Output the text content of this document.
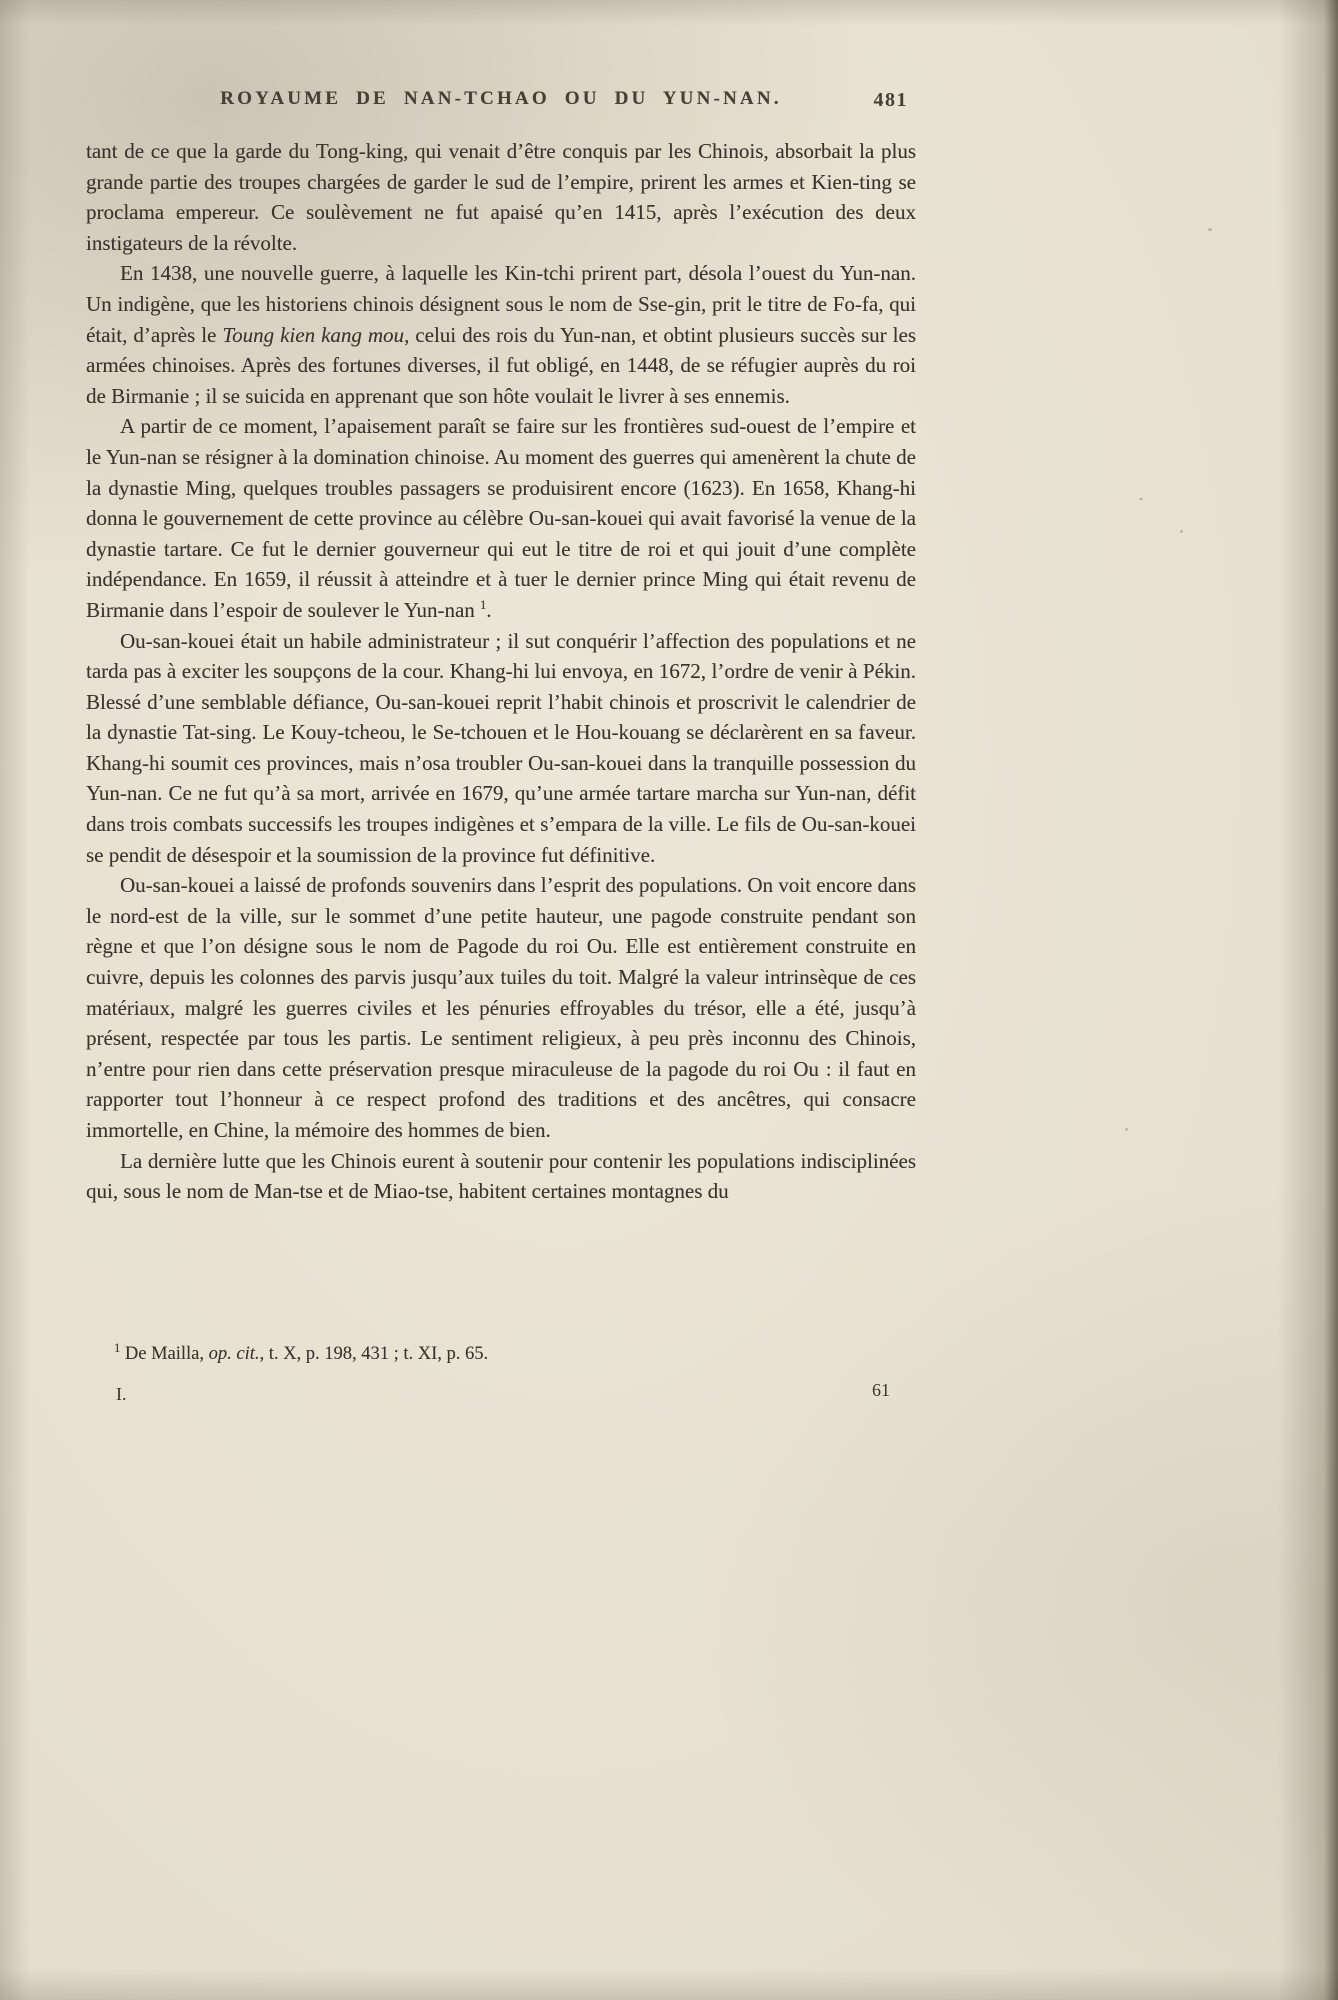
ROYAUME DE NAN-TCHAO OU DU YUN-NAN.	481

tant de ce que la garde du Tong-king, qui venait d’être conquis par les Chinois, absorbait la plus grande partie des troupes chargées de garder le sud de l’empire, prirent les armes et Kien-ting se proclama empereur. Ce soulèvement ne fut apaisé qu’en 1415, après l’exécution des deux instigateurs de la révolte.

En 1438, une nouvelle guerre, à laquelle les Kin-tchi prirent part, désola l’ouest du Yun-nan. Un indigène, que les historiens chinois désignent sous le nom de Sse-gin, prit le titre de Fo-fa, qui était, d’après le Toung kien kang mou, celui des rois du Yun-nan, et obtint plusieurs succès sur les armées chinoises. Après des fortunes diverses, il fut obligé, en 1448, de se réfugier auprès du roi de Birmanie ; il se suicida en apprenant que son hôte voulait le livrer à ses ennemis.

A partir de ce moment, l’apaisement paraît se faire sur les frontières sud-ouest de l’empire et le Yun-nan se résigner à la domination chinoise. Au moment des guerres qui amenèrent la chute de la dynastie Ming, quelques troubles passagers se produisirent encore (1623). En 1658, Khang-hi donna le gouvernement de cette province au célèbre Ou-san-kouei qui avait favorisé la venue de la dynastie tartare. Ce fut le dernier gouverneur qui eut le titre de roi et qui jouit d’une complète indépendance. En 1659, il réussit à atteindre et à tuer le dernier prince Ming qui était revenu de Birmanie dans l’espoir de soulever le Yun-nan $^1$.

Ou-san-kouei était un habile administrateur ; il sut conquérir l’affection des populations et ne tarda pas à exciter les soupçons de la cour. Khang-hi lui envoya, en 1672, l’ordre de venir à Pékin. Blessé d’une semblable défiance, Ou-san-kouei reprit l’habit chinois et proscrivit le calendrier de la dynastie Tat-sing. Le Kouy-tcheou, le Se-tchouen et le Hou-kouang se déclarèrent en sa faveur. Khang-hi soumit ces provinces, mais n’osa troubler Ou-san-kouei dans la tranquille possession du Yun-nan. Ce ne fut qu’à sa mort, arrivée en 1679, qu’une armée tartare marcha sur Yun-nan, défit dans trois combats successifs les troupes indigènes et s’empara de la ville. Le fils de Ou-san-kouei se pendit de désespoir et la soumission de la province fut définitive.

Ou-san-kouei a laissé de profonds souvenirs dans l’esprit des populations. On voit encore dans le nord-est de la ville, sur le sommet d’une petite hauteur, une pagode construite pendant son règne et que l’on désigne sous le nom de Pagode du roi Ou. Elle est entièrement construite en cuivre, depuis les colonnes des parvis jusqu’aux tuiles du toit. Malgré la valeur intrinsèque de ces matériaux, malgré les guerres civiles et les pénuries effroyables du trésor, elle a été, jusqu’à présent, respectée par tous les partis. Le sentiment religieux, à peu près inconnu des Chinois, n’entre pour rien dans cette préservation presque miraculeuse de la pagode du roi Ou : il faut en rapporter tout l’honneur à ce respect profond des traditions et des ancêtres, qui consacre immortelle, en Chine, la mémoire des hommes de bien.

La dernière lutte que les Chinois eurent à soutenir pour contenir les populations indisciplinées qui, sous le nom de Man-tse et de Miao-tse, habitent certaines montagnes du

$^1$ De Mailla, op. cit., t. X, p. 198, 431 ; t. XI, p. 65.
I.	61
